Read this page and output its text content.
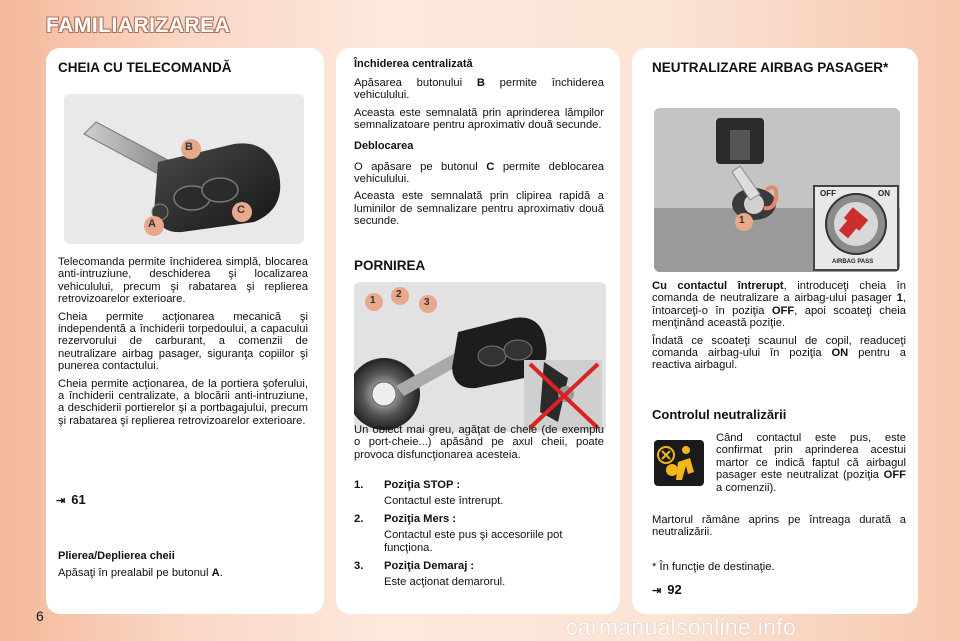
FAMILIARIZAREA
CHEIA CU TELECOMANDĂ
B
A
C

Telecomanda permite închiderea simplă, blocarea anti-intruziune, deschiderea şi localizarea vehiculului, precum şi rabatarea şi replierea retrovizoarelor exterioare.

Cheia permite acţionarea mecanică şi independentă a închiderii torpedoului, a capacului rezervorului de carburant, a comenzii de neutralizare airbag pasager, siguranţa copiilor şi punerea contactului.

Cheia permite acţionarea, de la portiera şoferului, a închiderii centralizate, a blocării anti-intruziune, a deschiderii portierelor şi a portbagajului, precum şi rabatarea şi replierea retrovizoarelor exterioare.

⇥ 61
Plierea/Deplierea cheii

Apăsaţi în prealabil pe butonul A.

Închiderea centralizată

Apăsarea butonului B permite închiderea vehiculului.

Aceasta este semnalată prin aprinderea lămpilor semnalizatoare pentru aproximativ două secunde.

Deblocarea

O apăsare pe butonul C permite deblocarea vehiculului.

Aceasta este semnalată prin clipirea rapidă a luminilor de semnalizare pentru aproximativ două secunde.

PORNIREA
1
2
3

Un obiect mai greu, agăţat de cheie (de exemplu o port-cheie...) apăsând pe axul cheii, poate provoca disfuncţionarea acesteia.

1. Poziţia STOP :
Contactul este întrerupt.
2. Poziţia Mers :
Contactul este pus şi accesoriile pot funcţiona.
3. Poziţia Demaraj :
Este acţionat demarorul.
NEUTRALIZARE AIRBAG PASAGER*
OFF	ON
1
AIRBAG PASS

Cu contactul întrerupt, introduceţi cheia în comanda de neutralizare a airbag-ului pasager 1, întoarceţi-o în poziţia OFF, apoi scoateţi cheia menţinând această poziţie.

Îndată ce scoateţi scaunul de copil, readuceţi comanda airbag-ului în poziţia ON pentru a reactiva airbagul.

Controlul neutralizării

Când contactul este pus, este confirmat prin aprinderea acestui martor ce indică faptul că airbagul pasager este neutralizat (poziţia OFF a comenzii).

Martorul rămâne aprins pe întreaga durată a neutralizării.

* În funcţie de destinaţie.

⇥ 92
6	carmanualsonline.info
